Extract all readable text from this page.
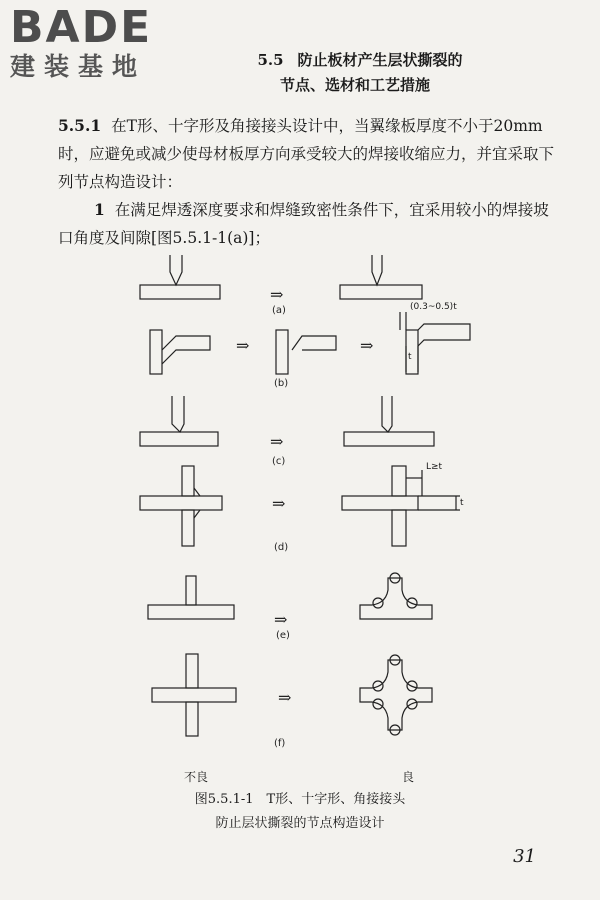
BADE
建装基地	5.5 防止板材产生层状撕裂的
节点、选材和工艺措施
5.5.1 在T形、十字形及角接接头设计中，当翼缘板厚度不小于20mm时，应避免或减少使母材板厚方向承受较大的焊接收缩应力，并宜采取下列节点构造设计：
1 在满足焊透深度要求和焊缝致密性条件下，宜采用较小的焊接坡口角度及间隙[图5.5.1-1(a)]；
⇒
⇒	⇒
⇒
⇒
⇒
⇒
(a)
(b)
(c)
(d)
(e)
(f)
(0.3~0.5)t
t
L≥t
t
不良	良
图5.5.1-1　T形、十字形、角接接头
防止层状撕裂的节点构造设计
31
